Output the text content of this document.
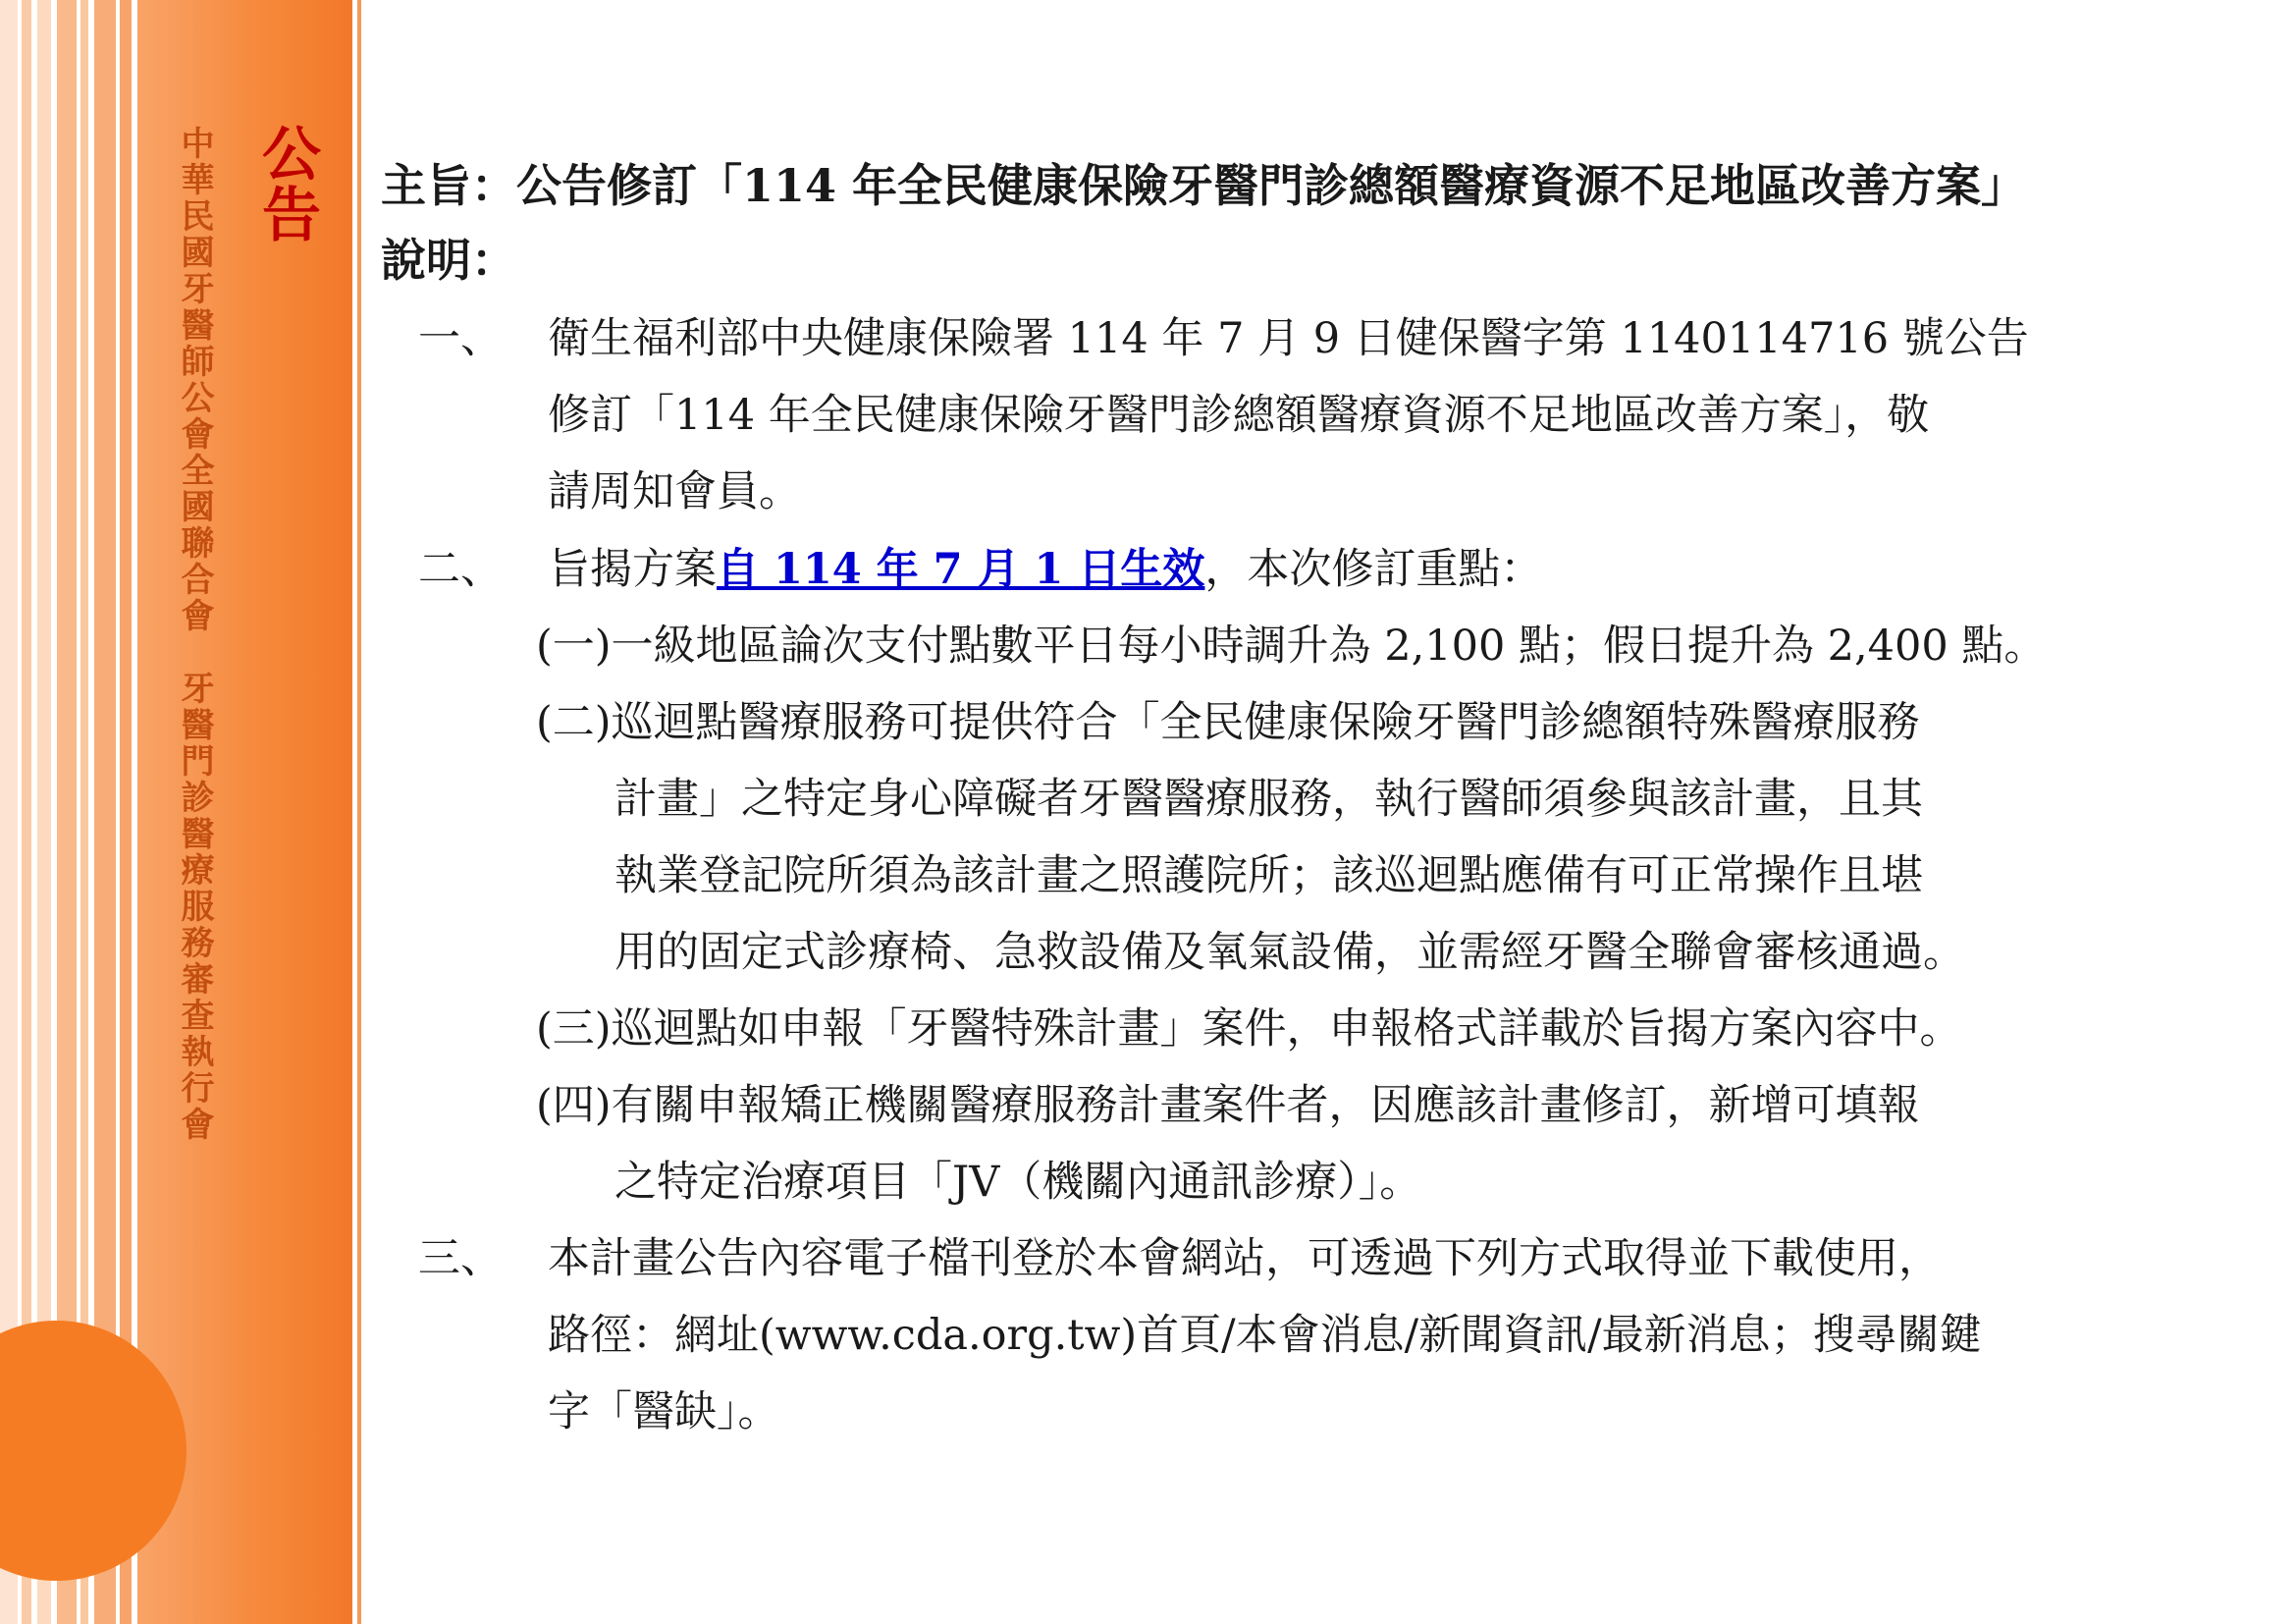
中華民國牙醫師公會全國聯合會　牙醫門診醫療服務審查執行會 公告 主旨：公告修訂「114 年全民健康保險牙醫門診總額醫療資源不足地區改善方案」
說明：
一、 衛生福利部中央健康保險署 114 年 7 月 9 日健保醫字第 1140114716 號公告
修訂「114 年全民健康保險牙醫門診總額醫療資源不足地區改善方案」，敬
請周知會員。
二、 旨揭方案自 114 年 7 月 1 日生效，本次修訂重點：
(一)一級地區論次支付點數平日每小時調升為 2,100 點；假日提升為 2,400 點。
(二)巡迴點醫療服務可提供符合「全民健康保險牙醫門診總額特殊醫療服務
計畫」之特定身心障礙者牙醫醫療服務，執行醫師須參與該計畫，且其
執業登記院所須為該計畫之照護院所；該巡迴點應備有可正常操作且堪
用的固定式診療椅、急救設備及氧氣設備，並需經牙醫全聯會審核通過。
(三)巡迴點如申報「牙醫特殊計畫」案件，申報格式詳載於旨揭方案內容中。
(四)有關申報矯正機關醫療服務計畫案件者，因應該計畫修訂，新增可填報
之特定治療項目「JV（機關內通訊診療）」。
三、 本計畫公告內容電子檔刊登於本會網站，可透過下列方式取得並下載使用，
路徑：網址(www.cda.org.tw)首頁/本會消息/新聞資訊/最新消息；搜尋關鍵
字「醫缺」。
